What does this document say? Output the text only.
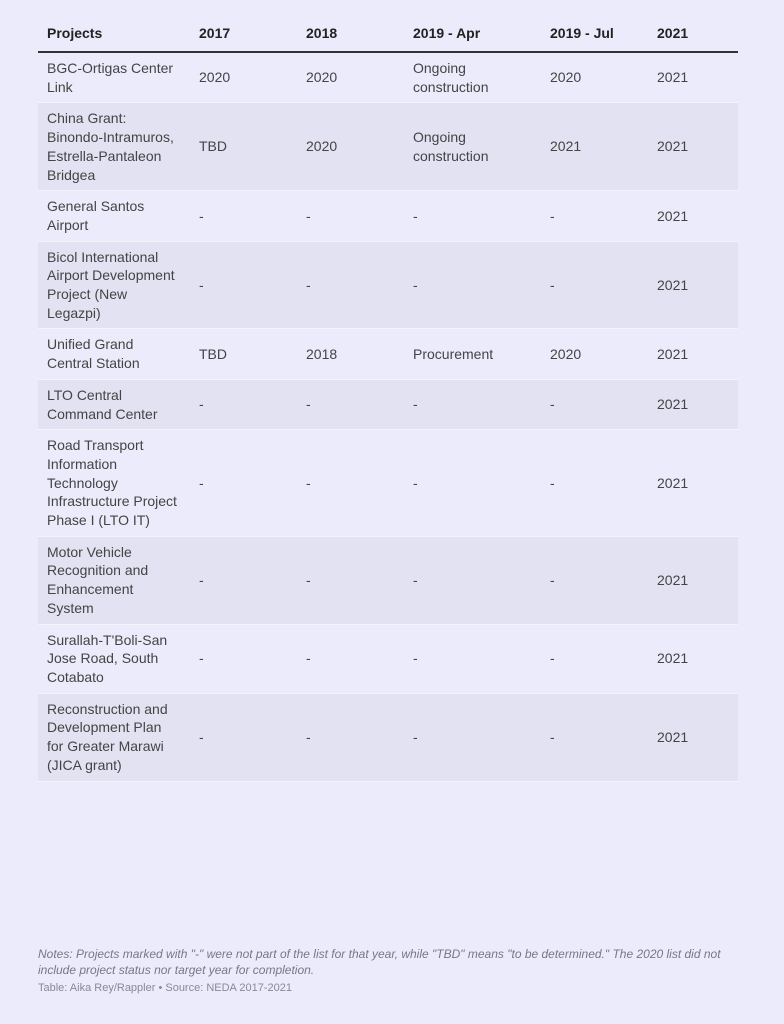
Projects	2017	2018	2019 - Apr	2019 - Jul	2021
BGC-Ortigas Center Link	2020	2020	Ongoing construction	2020	2021
China Grant: Binondo-Intramuros, Estrella-Pantaleon Bridgea	TBD	2020	Ongoing construction	2021	2021
General Santos Airport	-	-	-	-	2021
Bicol International Airport Development Project (New Legazpi)	-	-	-	-	2021
Unified Grand Central Station	TBD	2018	Procurement	2020	2021
LTO Central Command Center	-	-	-	-	2021
Road Transport Information Technology Infrastructure Project Phase I (LTO IT)	-	-	-	-	2021
Motor Vehicle Recognition and Enhancement System	-	-	-	-	2021
Surallah-T'Boli-San Jose Road, South Cotabato	-	-	-	-	2021
Reconstruction and Development Plan for Greater Marawi (JICA grant)	-	-	-	-	2021
Notes: Projects marked with "-" were not part of the list for that year, while "TBD" means "to be determined." The 2020 list did not include project status nor target year for completion.
Table: Aika Rey/Rappler • Source: NEDA 2017-2021
